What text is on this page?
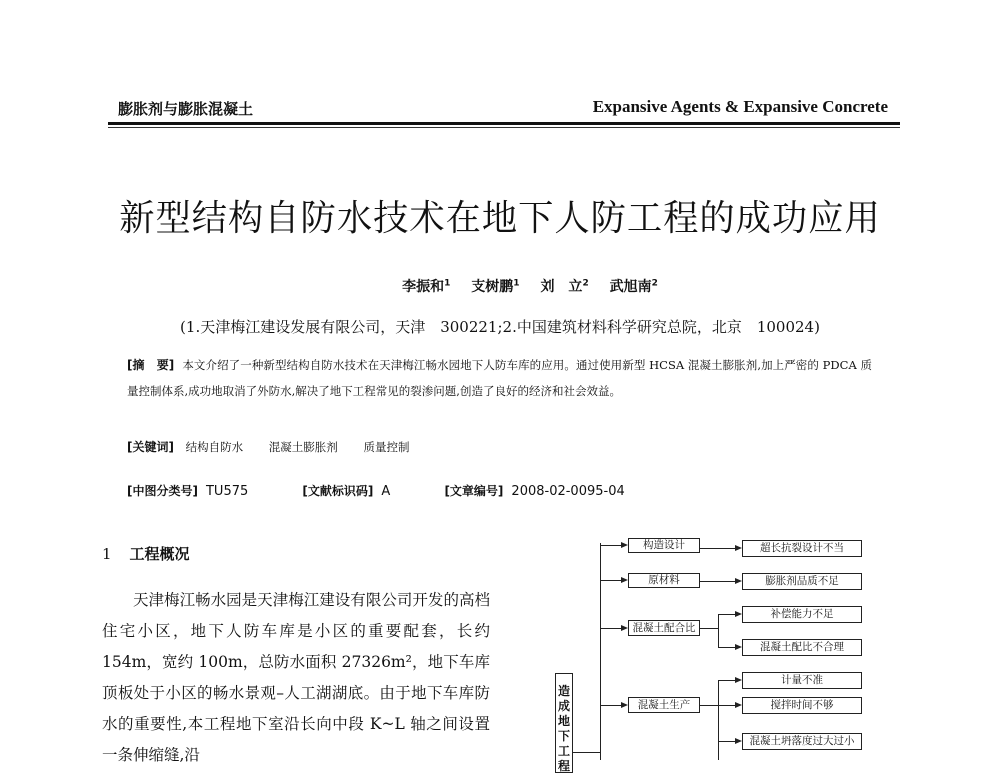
膨胀剂与膨胀混凝土	Expansive Agents & Expansive Concrete
新型结构自防水技术在地下人防工程的成功应用
李振和$^1$ 支树鹏$^1$ 刘　立$^2$ 武旭南$^2$
(1.天津梅江建设发展有限公司，天津　300221;2.中国建筑材料科学研究总院，北京　100024)
[摘　要] 本文介绍了一种新型结构自防水技术在天津梅江畅水园地下人防车库的应用。通过使用新型 HCSA 混凝土膨胀剂,加上严密的 PDCA 质量控制体系,成功地取消了外防水,解决了地下工程常见的裂渗问题,创造了良好的经济和社会效益。
[关键词] 结构自防水 混凝土膨胀剂 质量控制
[中图分类号] TU575	[文献标识码] A	[文章编号] 2008-02-0095-04
1 工程概况
天津梅江畅水园是天津梅江建设有限公司开发的高档住宅小区，地下人防车库是小区的重要配套，长约 154m，宽约 100m，总防水面积 27326m²，地下车库顶板处于小区的畅水景观–人工湖湖底。由于地下车库防水的重要性,本工程地下室沿长向中段 K~L 轴之间设置一条伸缩缝,沿
造成地下工程
构造设计
原材料
混凝土配合比
混凝土生产
超长抗裂设计不当
膨胀剂品质不足
补偿能力不足
混凝土配比不合理
计量不准
搅拌时间不够
混凝土坍落度过大过小
